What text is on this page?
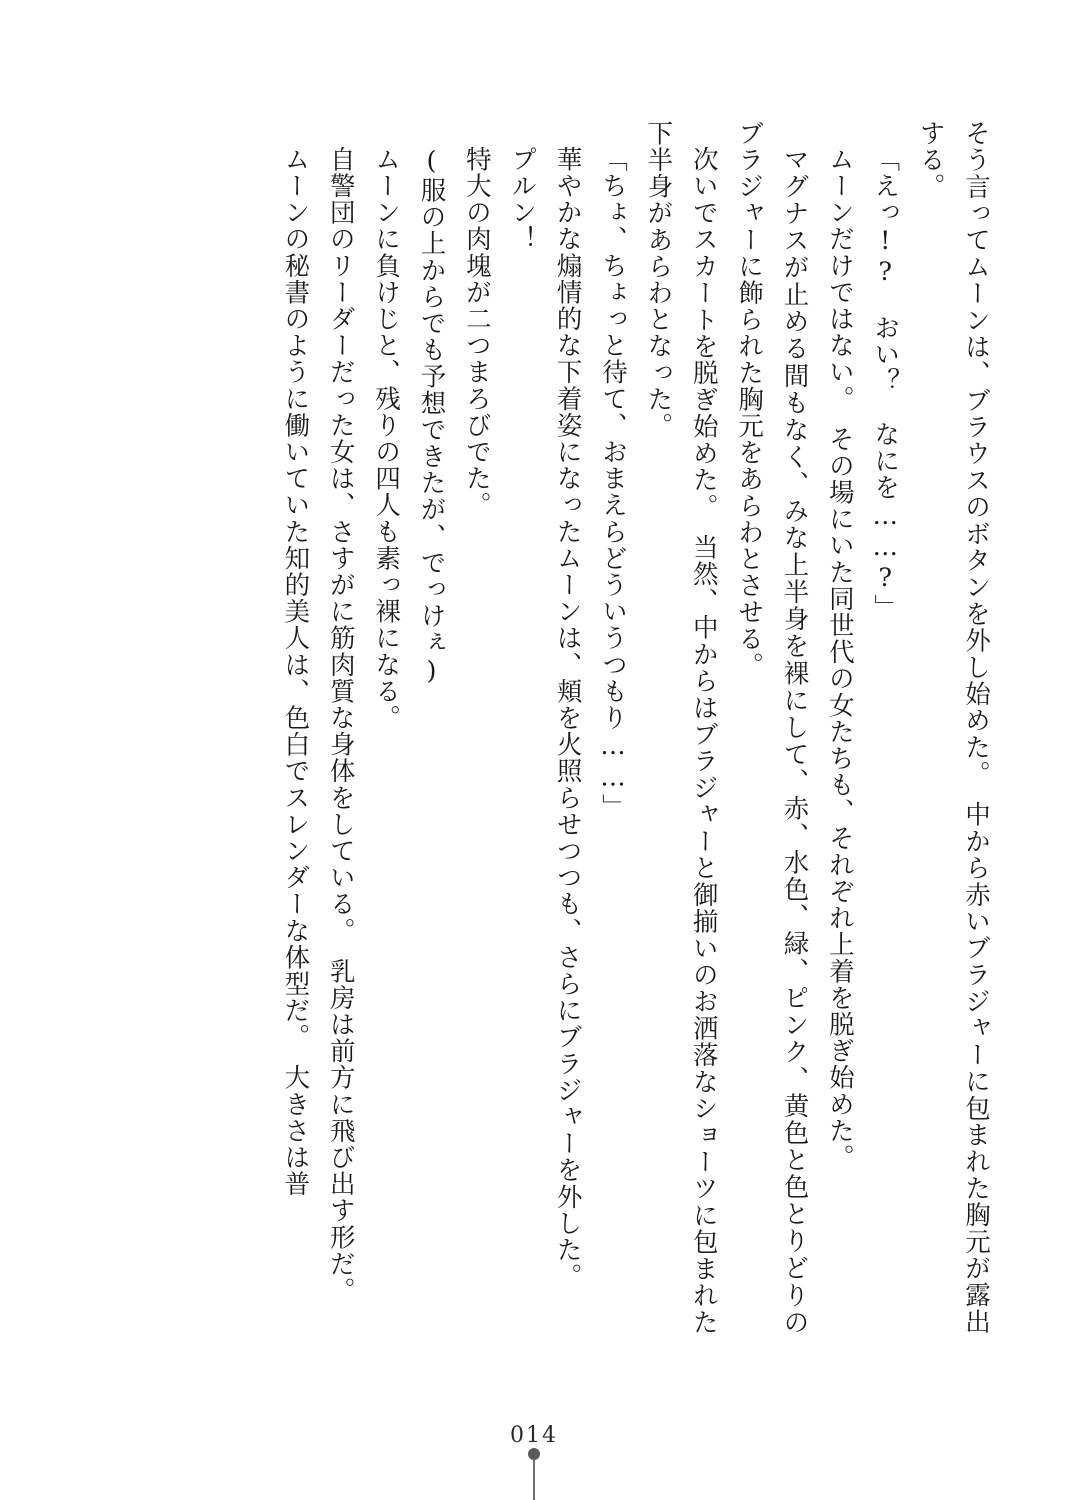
そう言ってムーンは、ブラウスのボタンを外し始めた。　中から赤いブラジャーに包まれた胸元が露出する。

「えっ!?　おい？　なにを……?」

ムーンだけではない。　その場にいた同世代の女たちも、それぞれ上着を脱ぎ始めた。

マグナスが止める間もなく、みな上半身を裸にして、赤、水色、緑、ピンク、黄色と色とりどりのブラジャーに飾られた胸元をあらわとさせる。

次いでスカートを脱ぎ始めた。　当然、中からはブラジャーと御揃いのお洒落なショーツに包まれた下半身があらわとなった。

「ちょ、ちょっと待て、おまえらどういうつもり……」

華やかな煽情的な下着姿になったムーンは、頬を火照らせつつも、さらにブラジャーを外した。

プルン！

特大の肉塊が二つまろびでた。

(服の上からでも予想できたが、でっけぇ)

ムーンに負けじと、残りの四人も素っ裸になる。

自警団のリーダーだった女は、さすがに筋肉質な身体をしている。　乳房は前方に飛び出す形だ。

ムーンの秘書のように働いていた知的美人は、色白でスレンダーな体型だ。　大きさは普

014
